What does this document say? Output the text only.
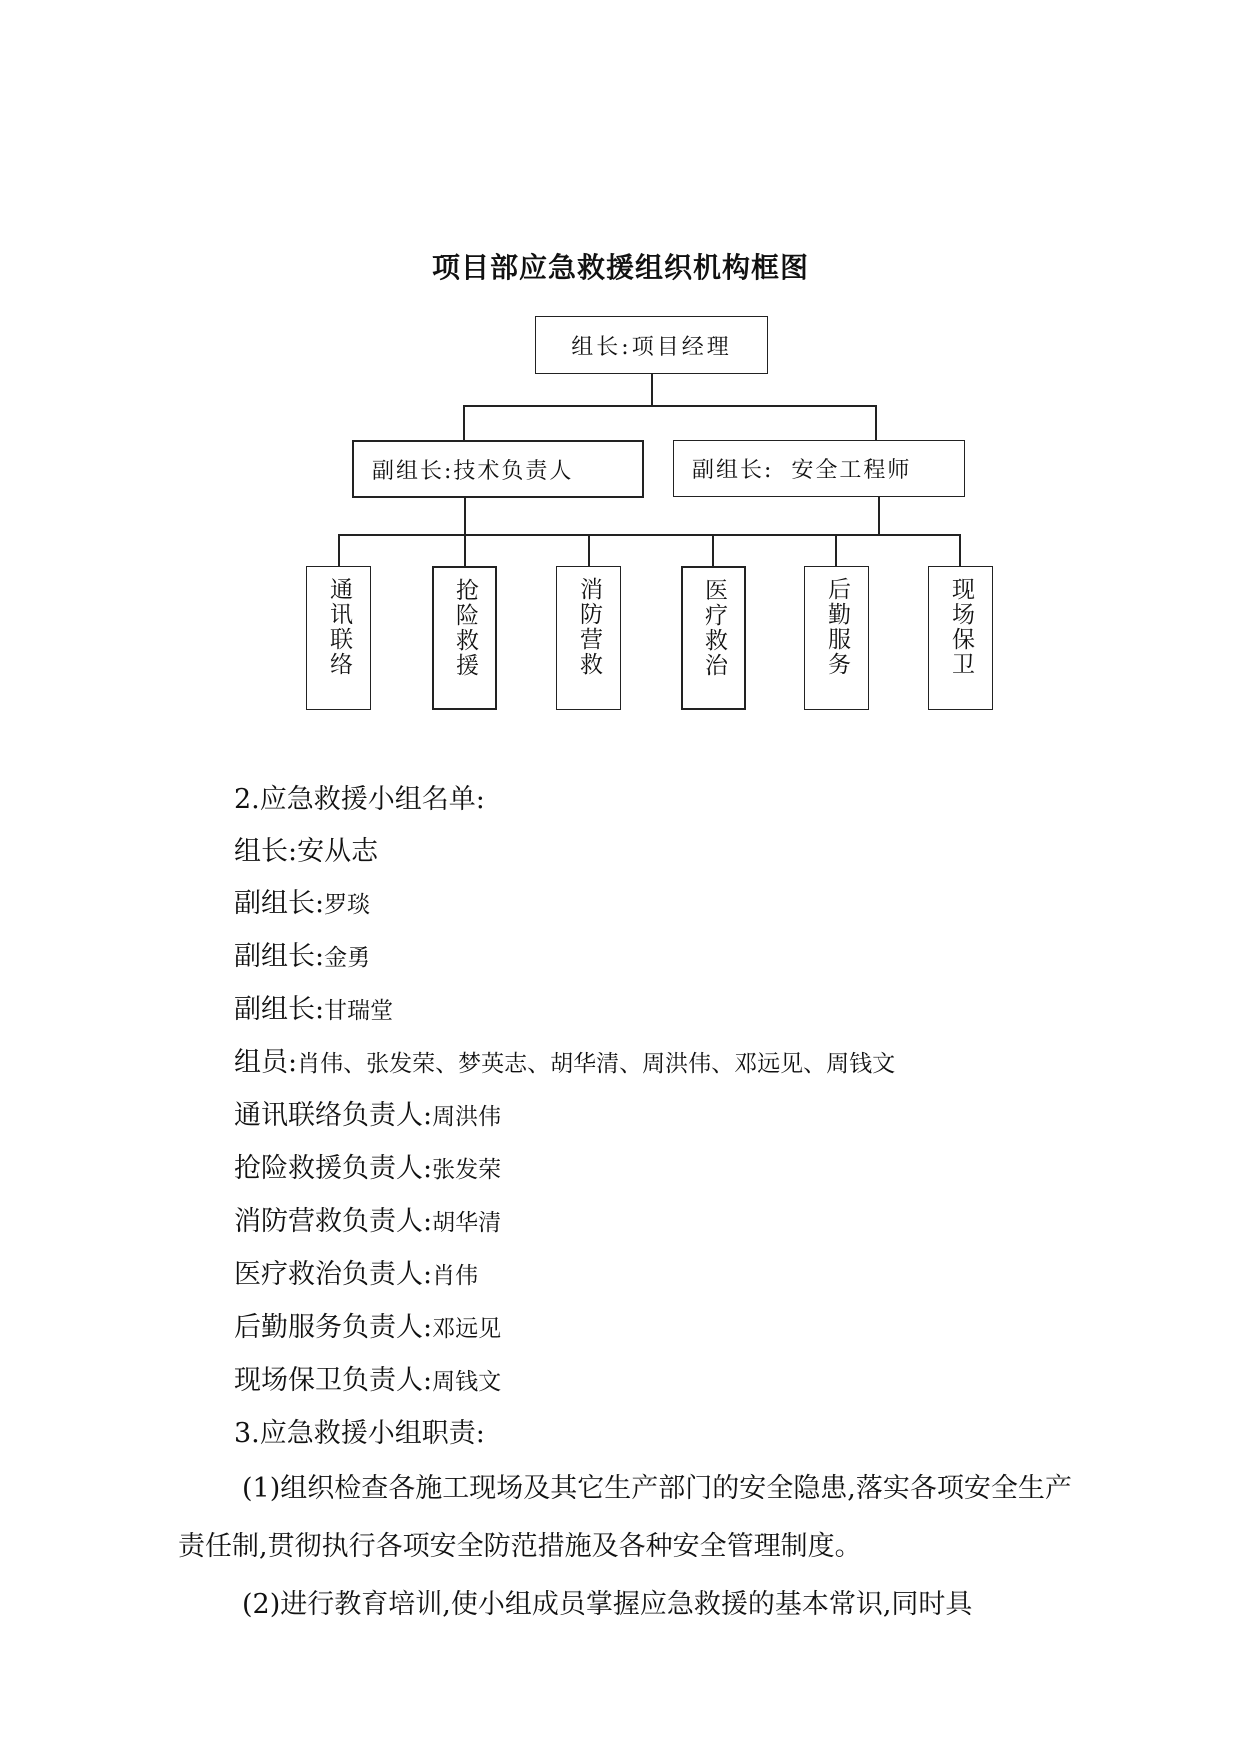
项目部应急救援组织机构框图
组长:项目经理
副组长:技术负责人	副组长:  安全工程师
通讯联络	抢险救援	消防营救	医疗救治	后勤服务	现场保卫

2.应急救援小组名单:

组长:安从志

副组长:罗琰

副组长:金勇

副组长:甘瑞堂

组员:肖伟、张发荣、梦英志、胡华清、周洪伟、邓远见、周钱文

通讯联络负责人:周洪伟

抢险救援负责人:张发荣

消防营救负责人:胡华清

医疗救治负责人:肖伟

后勤服务负责人:邓远见

现场保卫负责人:周钱文

3.应急救援小组职责:

(1)组织检查各施工现场及其它生产部门的安全隐患,落实各项安全生产责任制,贯彻执行各项安全防范措施及各种安全管理制度。

(2)进行教育培训,使小组成员掌握应急救援的基本常识,同时具
